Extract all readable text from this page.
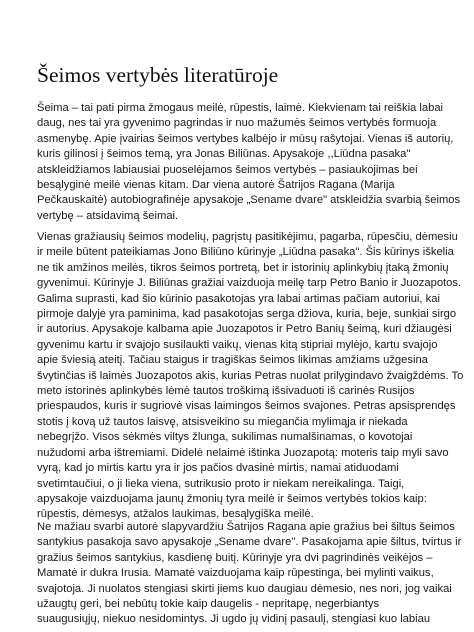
Šeimos vertybės literatūroje

Šeima – tai pati pirma žmogaus meilė, rūpestis, laimė. Kiekvienam tai reiškia labai
daug, nes tai yra gyvenimo pagrindas ir nuo mažumės šeimos vertybės formuoja
asmenybę. Apie įvairias šeimos vertybes kalbėjo ir mūsų rašytojai. Vienas iš autorių,
kuris gilinosi į šeimos temą, yra Jonas Biliūnas. Apysakoje ,,Liūdna pasaka''
atskleidžiamos labiausiai puoselėjamos šeimos vertybės – pasiaukojimas bei
besąlyginė meilė vienas kitam. Dar viena autorė Šatrijos Ragana (Marija
Pečkauskaitė) autobiografinėje apysakoje „Sename dvare" atskleidžia svarbią šeimos
vertybę – atsidavimą šeimai.

Vienas gražiausių šeimos modelių, pagrįstų pasitikėjimu, pagarba, rūpesčiu, dėmesiu
ir meile būtent pateikiamas Jono Biliūno kūrinyje „Liūdna pasaka". Šis kūrinys iškelia
ne tik amžinos meilės, tikros šeimos portretą, bet ir istorinių aplinkybių įtaką žmonių
gyvenimui. Kūrinyje J. Biliūnas gražiai vaizduoja meilę tarp Petro Banio ir Juozapotos.
Galima suprasti, kad šio kūrinio pasakotojas yra labai artimas pačiam autoriui, kai
pirmoje dalyje yra paminima, kad pasakotojas serga džiova, kuria, beje, sunkiai sirgo
ir autorius. Apysakoje kalbama apie Juozapotos ir Petro Banių šeimą, kuri džiaugėsi
gyvenimu kartu ir svajojo susilaukti vaikų, vienas kitą stipriai mylėjo, kartu svajojo
apie šviesią ateitį. Tačiau staigus ir tragiškas šeimos likimas amžiams užgesina
švytinčias iš laimės Juozapotos akis, kurias Petras nuolat prilygindavo žvaigždėms. To
meto istorinės aplinkybės lėmė tautos troškimą išsivaduoti iš carinės Rusijos
priespaudos, kuris ir sugriovė visas laimingos šeimos svajones. Petras apsisprendęs
stotis į kovą už tautos laisvę, atsisveikino su miegančia mylimąja ir niekada
nebegrįžo. Visos sėkmės viltys žlunga, sukilimas numalšinamas, o kovotojai
nužudomi arba ištremiami. Didelė nelaimė ištinka Juozapotą: moteris taip myli savo
vyrą, kad jo mirtis kartu yra ir jos pačios dvasinė mirtis, namai atiduodami
svetimtaučiui, o ji lieka viena, sutrikusio proto ir niekam nereikalinga. Taigi,
apysakoje vaizduojama jaunų žmonių tyra meilė ir šeimos vertybės tokios kaip:
rūpestis, dėmesys, atžalos laukimas, besąlygiška meilė.

Ne mažiau svarbi autorė slapyvardžiu Šatrijos Ragana apie gražius bei šiltus šeimos
santykius pasakoja savo apysakoje „Sename dvare". Pasakojama apie šiltus, tvirtus ir
gražius šeimos santykius, kasdienę buitį. Kūrinyje yra dvi pagrindinės veikėjos –
Mamatė ir dukra Irusia. Mamatė vaizduojama kaip rūpestinga, bei mylinti vaikus,
svajotoja. Ji nuolatos stengiasi skirti jiems kuo daugiau dėmesio, nes nori, jog vaikai
užaugtų geri, bei nebūtų tokie kaip daugelis - nepritapę, negerbiantys
suaugusiųjų, niekuo nesidomintys. Ji ugdo jų vidinį pasaulį, stengiasi kuo labiau
